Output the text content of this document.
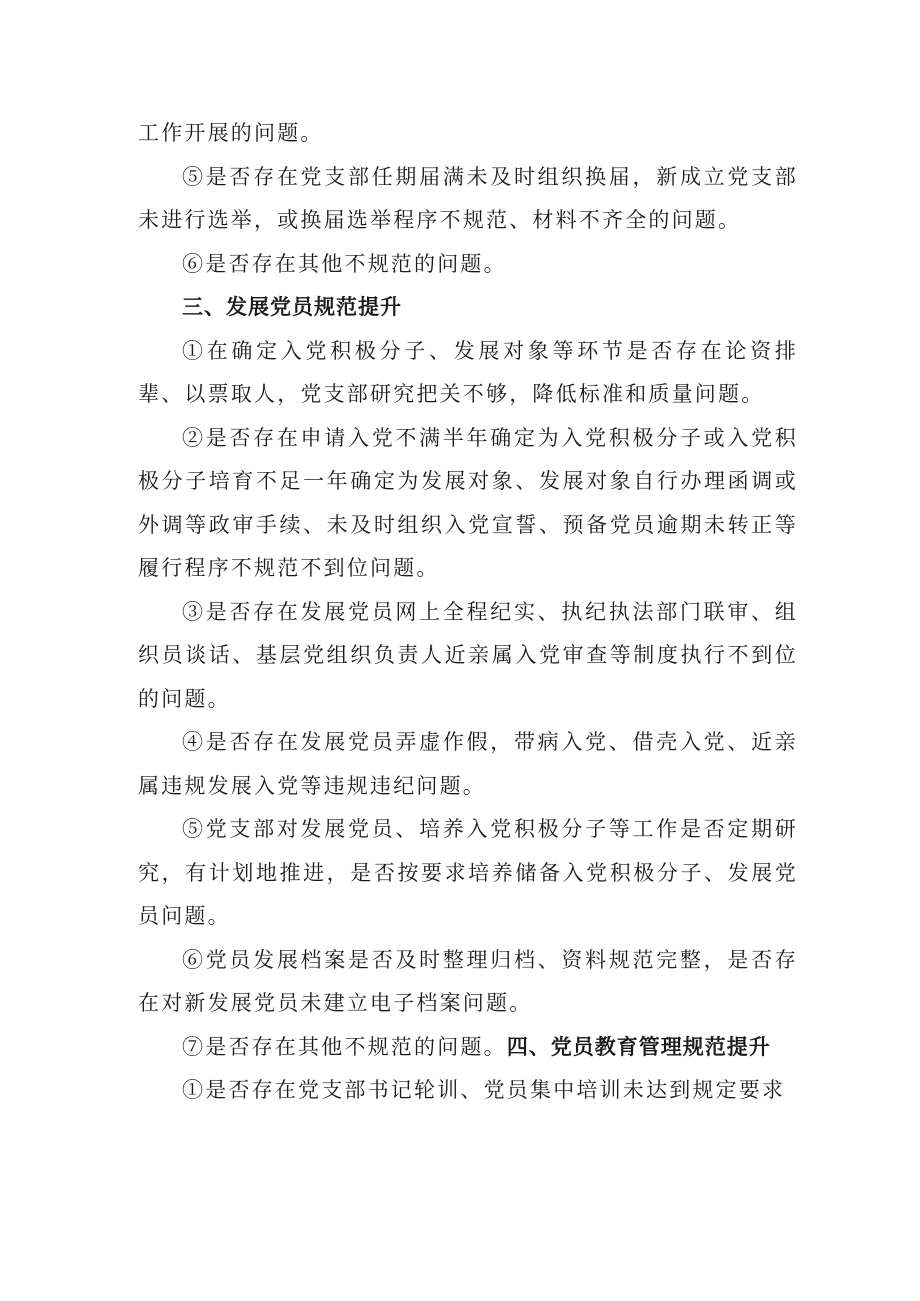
工作开展的问题。

⑤是否存在党支部任期届满未及时组织换届，新成立党支部未进行选举，或换届选举程序不规范、材料不齐全的问题。

⑥是否存在其他不规范的问题。

三、发展党员规范提升

①在确定入党积极分子、发展对象等环节是否存在论资排辈、以票取人，党支部研究把关不够，降低标准和质量问题。

②是否存在申请入党不满半年确定为入党积极分子或入党积极分子培育不足一年确定为发展对象、发展对象自行办理函调或外调等政审手续、未及时组织入党宣誓、预备党员逾期未转正等履行程序不规范不到位问题。

③是否存在发展党员网上全程纪实、执纪执法部门联审、组织员谈话、基层党组织负责人近亲属入党审查等制度执行不到位的问题。

④是否存在发展党员弄虚作假，带病入党、借壳入党、近亲属违规发展入党等违规违纪问题。

⑤党支部对发展党员、培养入党积极分子等工作是否定期研究，有计划地推进，是否按要求培养储备入党积极分子、发展党员问题。

⑥党员发展档案是否及时整理归档、资料规范完整，是否存在对新发展党员未建立电子档案问题。

⑦是否存在其他不规范的问题。四、党员教育管理规范提升

①是否存在党支部书记轮训、党员集中培训未达到规定要求
